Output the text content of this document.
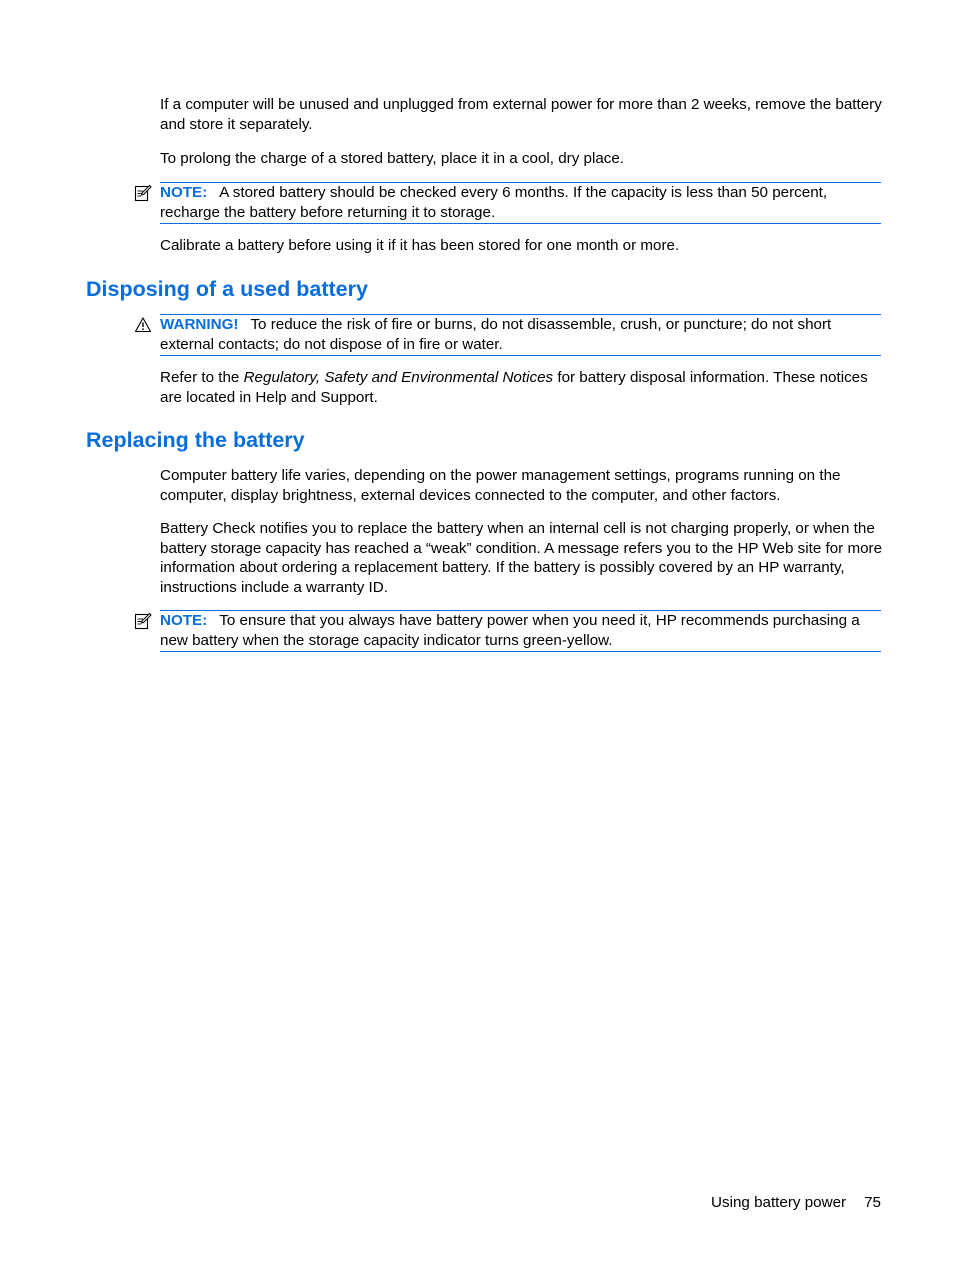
If a computer will be unused and unplugged from external power for more than 2 weeks, remove the battery and store it separately.

To prolong the charge of a stored battery, place it in a cool, dry place.

NOTE: A stored battery should be checked every 6 months. If the capacity is less than 50 percent, recharge the battery before returning it to storage.

Calibrate a battery before using it if it has been stored for one month or more.

Disposing of a used battery
WARNING! To reduce the risk of fire or burns, do not disassemble, crush, or puncture; do not short external contacts; do not dispose of in fire or water.

Refer to the Regulatory, Safety and Environmental Notices for battery disposal information. These notices are located in Help and Support.

Replacing the battery

Computer battery life varies, depending on the power management settings, programs running on the computer, display brightness, external devices connected to the computer, and other factors.

Battery Check notifies you to replace the battery when an internal cell is not charging properly, or when the battery storage capacity has reached a “weak” condition. A message refers you to the HP Web site for more information about ordering a replacement battery. If the battery is possibly covered by an HP warranty, instructions include a warranty ID.

NOTE: To ensure that you always have battery power when you need it, HP recommends purchasing a new battery when the storage capacity indicator turns green-yellow.
Using battery power 75
